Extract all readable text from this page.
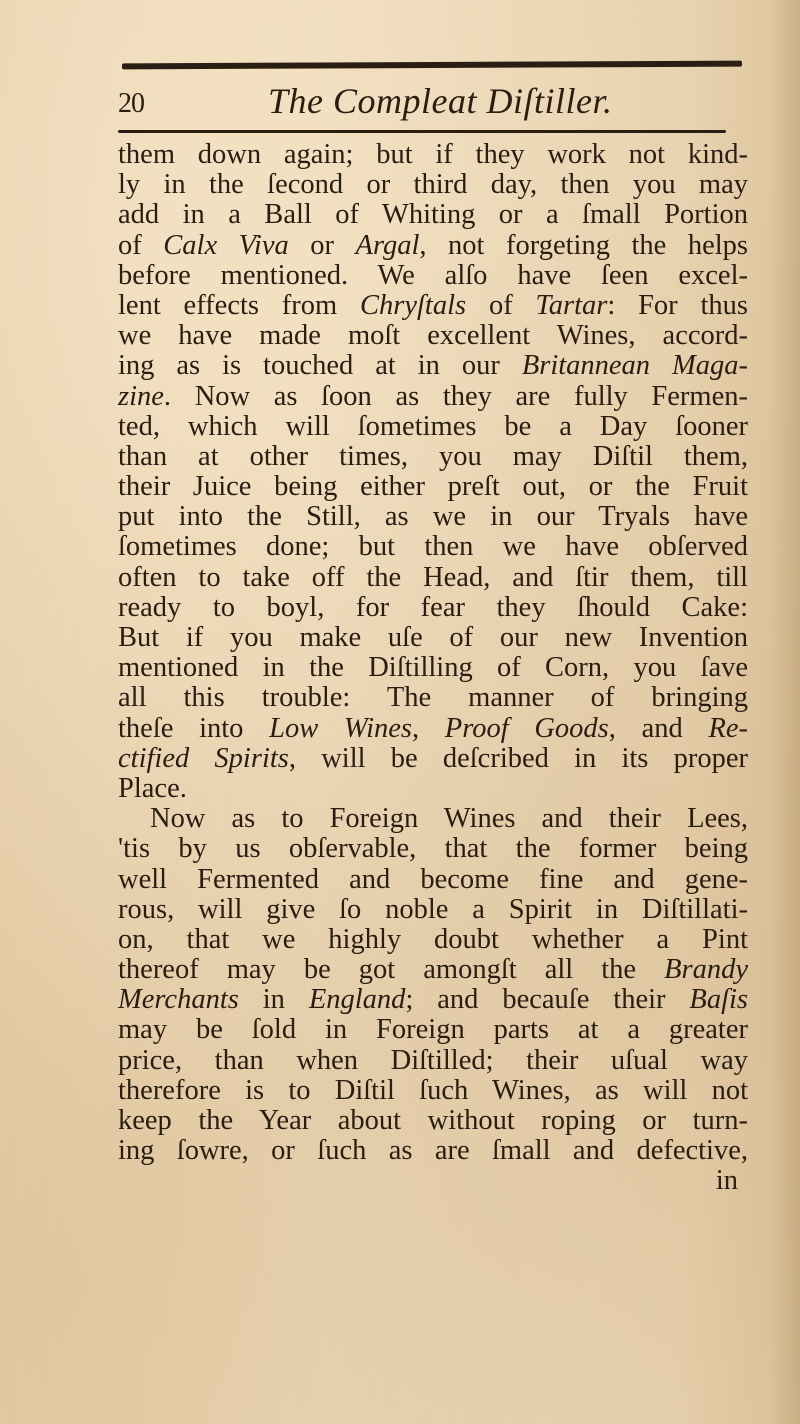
20	The Compleat Diſtiller.
them down again; but if they work not kind-
ly in the ſecond or third day, then you may
add in a Ball of Whiting or a ſmall Portion
of Calx Viva or Argal, not forgeting the helps
before mentioned. We alſo have ſeen excel-
lent effects from Chryſtals of Tartar: For thus
we have made moſt excellent Wines, accord-
ing as is touched at in our Britannean Maga-
zine. Now as ſoon as they are fully Fermen-
ted, which will ſometimes be a Day ſooner
than at other times, you may Diſtil them,
their Juice being either preſt out, or the Fruit
put into the Still, as we in our Tryals have
ſometimes done; but then we have obſerved
often to take off the Head, and ſtir them, till
ready to boyl, for fear they ſhould Cake:
But if you make uſe of our new Invention
mentioned in the Diſtilling of Corn, you ſave
all this trouble: The manner of bringing
theſe into Low Wines, Proof Goods, and Re-
ctified Spirits, will be deſcribed in its proper
Place.
Now as to Foreign Wines and their Lees,
'tis by us obſervable, that the former being
well Fermented and become fine and gene-
rous, will give ſo noble a Spirit in Diſtillati-
on, that we highly doubt whether a Pint
thereof may be got amongſt all the Brandy
Merchants in England; and becauſe their Baſis
may be ſold in Foreign parts at a greater
price, than when Diſtilled; their uſual way
therefore is to Diſtil ſuch Wines, as will not
keep the Year about without roping or turn-
ing ſowre, or ſuch as are ſmall and defective,
in
